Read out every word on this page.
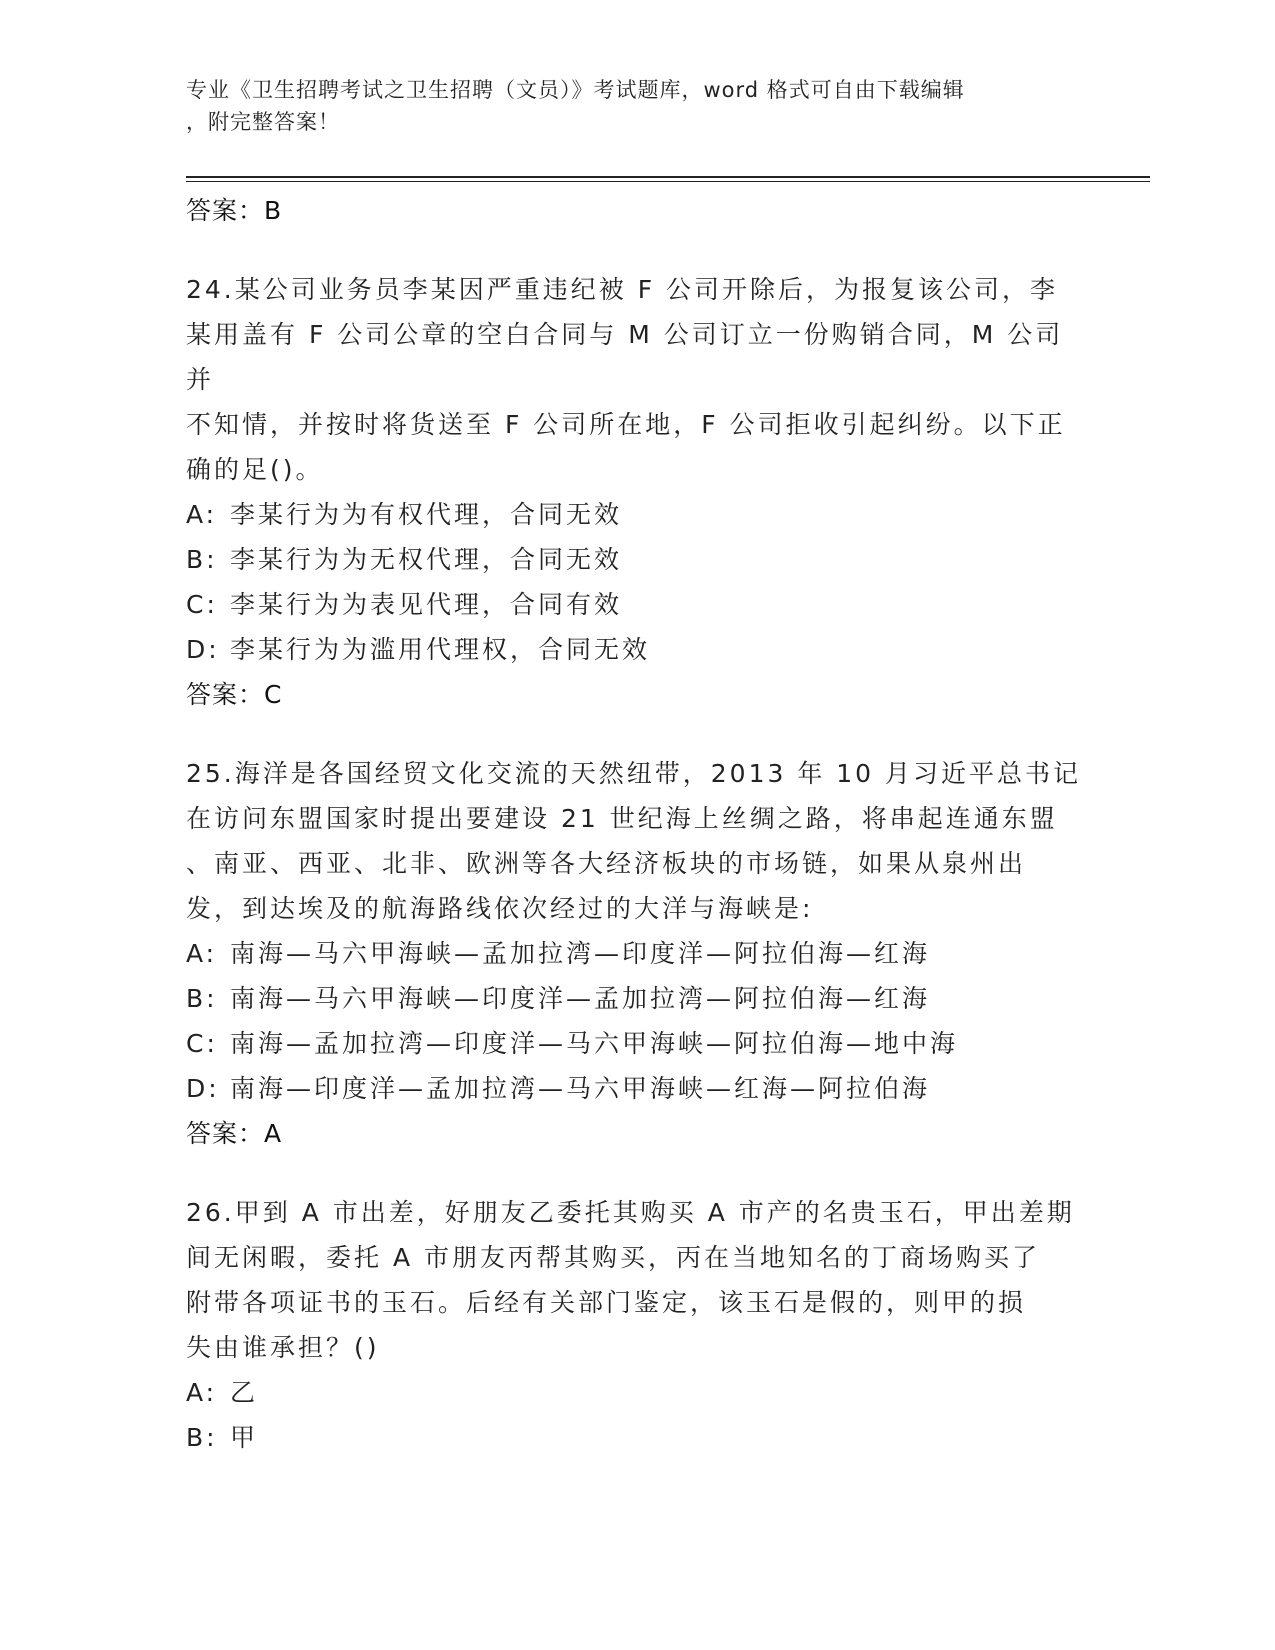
专业《卫生招聘考试之卫生招聘（文员）》考试题库，word 格式可自由下载编辑
，附完整答案！
答案：B
24.某公司业务员李某因严重违纪被 F 公司开除后，为报复该公司，李
某用盖有 F 公司公章的空白合同与 M 公司订立一份购销合同，M 公司并
不知情，并按时将货送至 F 公司所在地，F 公司拒收引起纠纷。以下正
确的足()。
A: 李某行为为有权代理，合同无效
B: 李某行为为无权代理，合同无效
C: 李某行为为表见代理，合同有效
D: 李某行为为滥用代理权，合同无效
答案：C
25.海洋是各国经贸文化交流的天然纽带，2013 年 10 月习近平总书记
在访问东盟国家时提出要建设 21 世纪海上丝绸之路，将串起连通东盟
、南亚、西亚、北非、欧洲等各大经济板块的市场链，如果从泉州出
发，到达埃及的航海路线依次经过的大洋与海峡是:
A: 南海—马六甲海峡—孟加拉湾—印度洋—阿拉伯海—红海
B: 南海—马六甲海峡—印度洋—孟加拉湾—阿拉伯海—红海
C: 南海—孟加拉湾—印度洋—马六甲海峡—阿拉伯海—地中海
D: 南海—印度洋—孟加拉湾—马六甲海峡—红海—阿拉伯海
答案：A
26.甲到 A 市出差，好朋友乙委托其购买 A 市产的名贵玉石，甲出差期
间无闲暇，委托 A 市朋友丙帮其购买，丙在当地知名的丁商场购买了
附带各项证书的玉石。后经有关部门鉴定，该玉石是假的，则甲的损
失由谁承担？()
A: 乙
B: 甲
